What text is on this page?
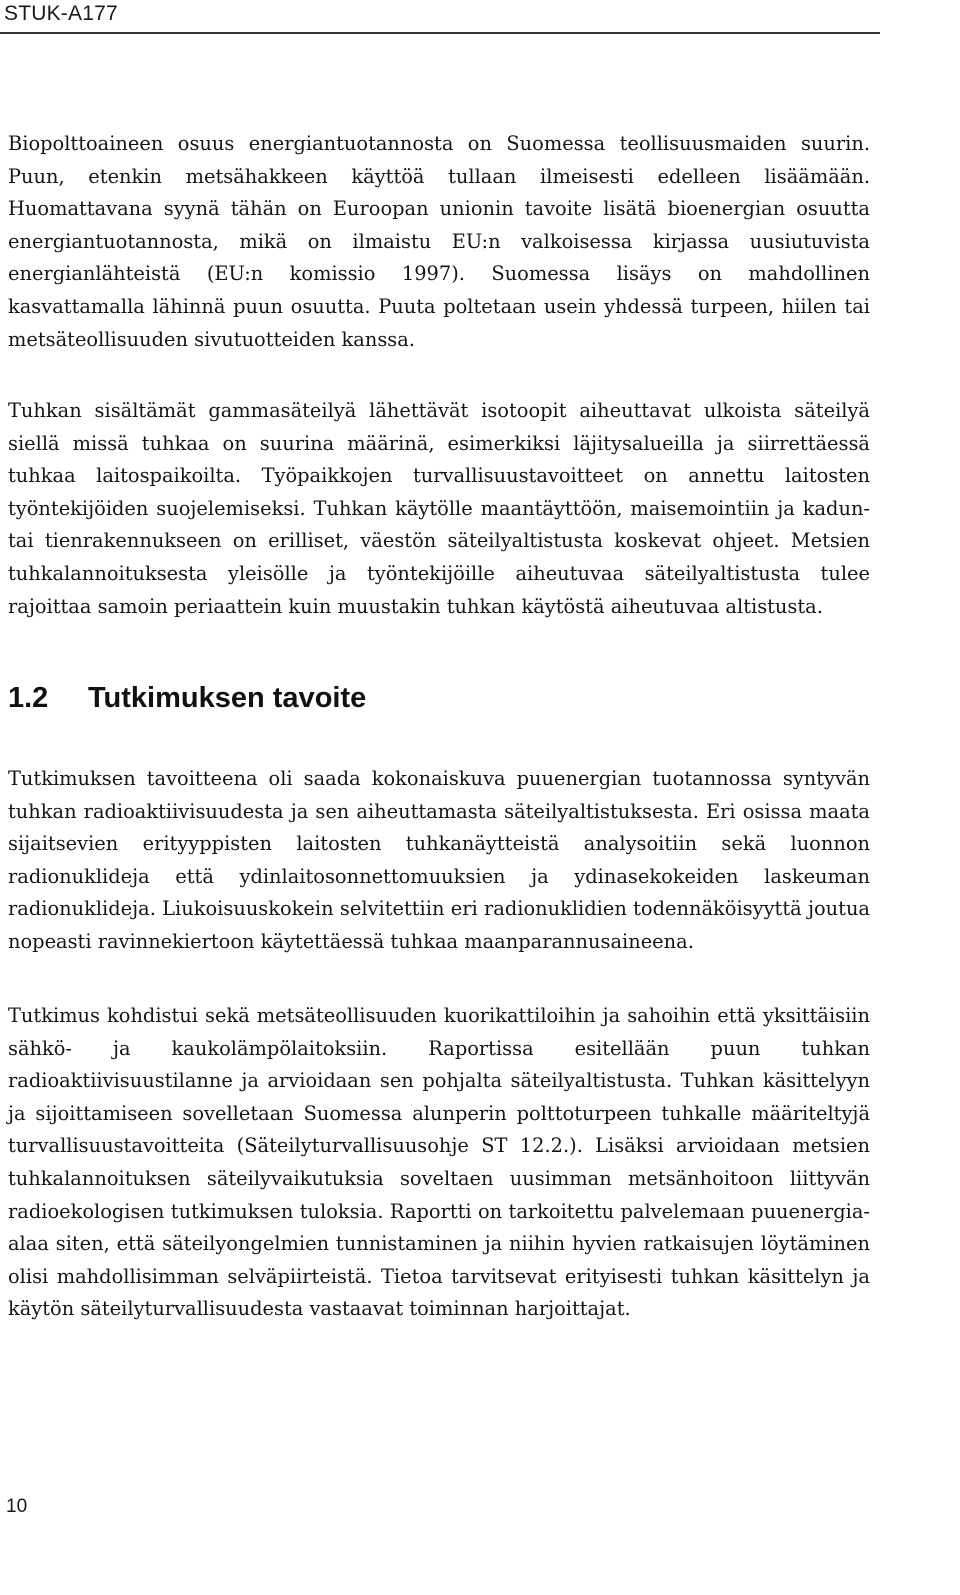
STUK-A177

Biopolttoaineen osuus energiantuotannosta on Suomessa teollisuusmaiden suurin. Puun, etenkin metsähakkeen käyttöä tullaan ilmeisesti edelleen lisäämään. Huomattavana syynä tähän on Euroopan unionin tavoite lisätä bioenergian osuutta energiantuotannosta, mikä on ilmaistu EU:n valkoisessa kirjassa uusiutuvista energianlähteistä (EU:n komissio 1997). Suomessa lisäys on mahdollinen kasvattamalla lähinnä puun osuutta. Puuta poltetaan usein yhdessä turpeen, hiilen tai metsäteollisuuden sivutuotteiden kanssa.

Tuhkan sisältämät gammasäteilyä lähettävät isotoopit aiheuttavat ulkoista säteilyä siellä missä tuhkaa on suurina määrinä, esimerkiksi läjitysalueilla ja siirrettäessä tuhkaa laitospaikoilta. Työpaikkojen turvallisuustavoitteet on annettu laitosten työntekijöiden suojelemiseksi. Tuhkan käytölle maantäyttöön, maisemointiin ja kadun- tai tienrakennukseen on erilliset, väestön säteilyaltistusta koskevat ohjeet. Metsien tuhkalannoituksesta yleisölle ja työntekijöille aiheutuvaa säteilyaltistusta tulee rajoittaa samoin periaattein kuin muustakin tuhkan käytöstä aiheutuvaa altistusta.

1.2 Tutkimuksen tavoite

Tutkimuksen tavoitteena oli saada kokonaiskuva puuenergian tuotannossa syntyvän tuhkan radioaktiivisuudesta ja sen aiheuttamasta säteilyaltistuksesta. Eri osissa maata sijaitsevien erityyppisten laitosten tuhkanäytteistä analysoitiin sekä luonnon radionuklideja että ydinlaitosonnettomuuksien ja ydinasekokeiden laskeuman radionuklideja. Liukoisuuskokein selvitettiin eri radionuklidien todennäköisyyttä joutua nopeasti ravinnekiertoon käytettäessä tuhkaa maanparannusaineena.

Tutkimus kohdistui sekä metsäteollisuuden kuorikattiloihin ja sahoihin että yksittäisiin sähkö- ja kaukolämpölaitoksiin. Raportissa esitellään puun tuhkan radioaktiivisuustilanne ja arvioidaan sen pohjalta säteilyaltistusta. Tuhkan käsittelyyn ja sijoittamiseen sovelletaan Suomessa alunperin polttoturpeen tuhkalle määriteltyjä turvallisuustavoitteita (Säteilyturvallisuusohje ST 12.2.). Lisäksi arvioidaan metsien tuhkalannoituksen säteilyvaikutuksia soveltaen uusimman metsänhoitoon liittyvän radioekologisen tutkimuksen tuloksia. Raportti on tarkoitettu palvelemaan puuenergia-alaa siten, että säteilyongelmien tunnistaminen ja niihin hyvien ratkaisujen löytäminen olisi mahdollisimman selväpiirteistä. Tietoa tarvitsevat erityisesti tuhkan käsittelyn ja käytön säteilyturvallisuudesta vastaavat toiminnan harjoittajat.

10
